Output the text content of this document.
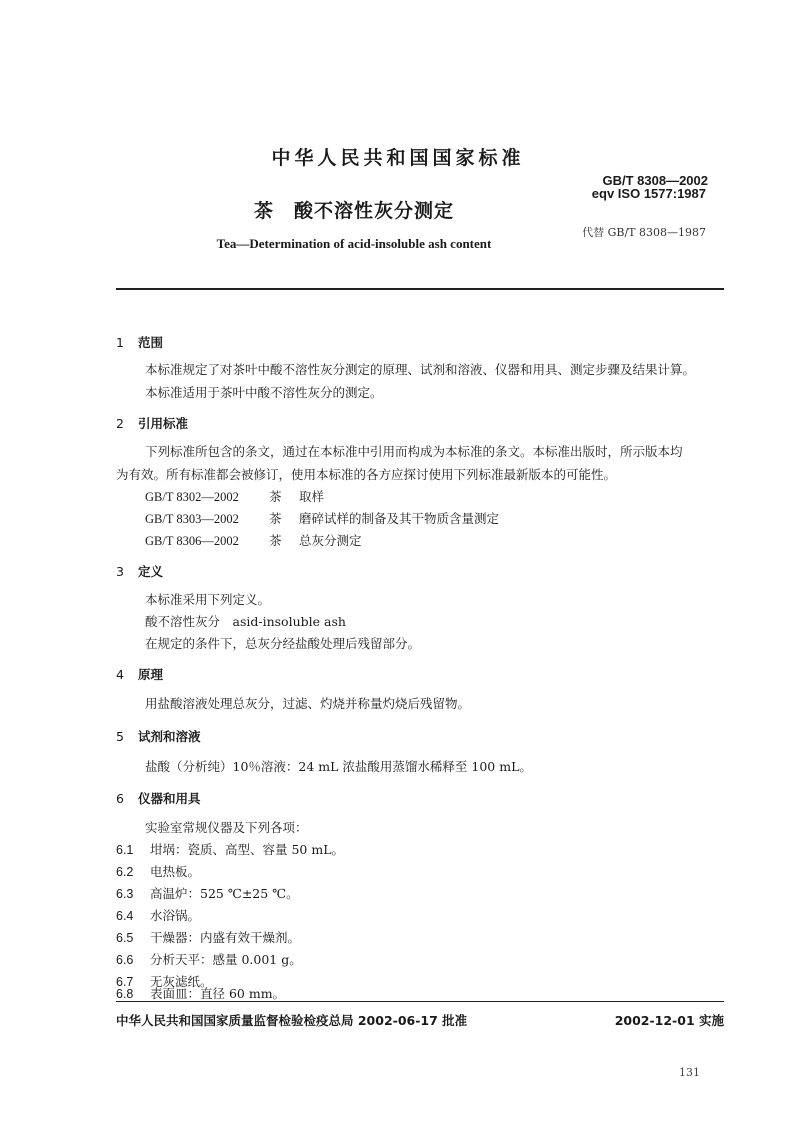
中华人民共和国国家标准
GB/T 8308—2002
eqv ISO 1577:1987
茶　酸不溶性灰分测定
代替 GB/T 8308—1987
Tea—Determination of acid-insoluble ash content
1 范围
本标准规定了对茶叶中酸不溶性灰分测定的原理、试剂和溶液、仪器和用具、测定步骤及结果计算。
本标准适用于茶叶中酸不溶性灰分的测定。
2 引用标准
下列标准所包含的条文，通过在本标准中引用而构成为本标准的条文。本标准出版时，所示版本均
为有效。所有标准都会被修订，使用本标准的各方应探讨使用下列标准最新版本的可能性。
GB/T 8302—2002 茶 取样
GB/T 8303—2002 茶 磨碎试样的制备及其干物质含量测定
GB/T 8306—2002 茶 总灰分测定
3 定义
本标准采用下列定义。
酸不溶性灰分　asid-insoluble ash
在规定的条件下，总灰分经盐酸处理后残留部分。
4 原理
用盐酸溶液处理总灰分，过滤、灼烧并称量灼烧后残留物。
5 试剂和溶液
盐酸（分析纯）10％溶液：24 mL 浓盐酸用蒸馏水稀释至 100 mL。
6 仪器和用具
实验室常规仪器及下列各项：
6.1 坩埚：瓷质、高型、容量 50 mL。
6.2 电热板。
6.3 高温炉：525 ℃±25 ℃。
6.4 水浴锅。
6.5 干燥器：内盛有效干燥剂。
6.6 分析天平：感量 0.001 g。
6.7 无灰滤纸。
6.8 表面皿：直径 60 mm。
中华人民共和国国家质量监督检验检疫总局 2002-06-17 批准	2002-12-01 实施
131
